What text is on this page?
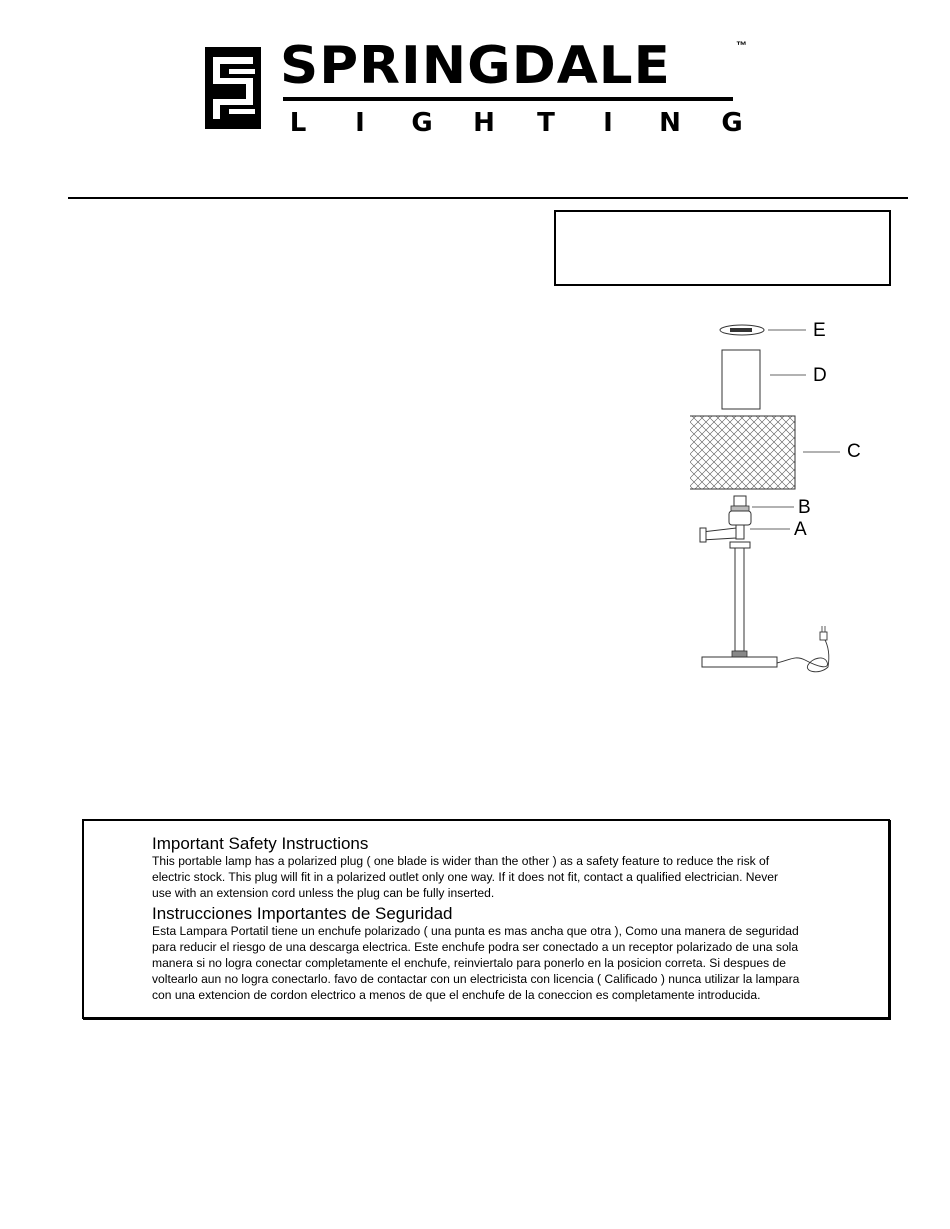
SPRINGDALE	™
L	I	G H T	I	N G
E
D
C
B
A
Important Safety Instructions
This portable lamp has a polarized plug ( one blade is wider than the other ) as a safety feature to reduce the risk of
electric stock. This plug will fit in a polarized outlet only one way. If it does not fit, contact a qualified electrician. Never
use with an extension cord unless the plug can be fully inserted.
Instrucciones Importantes de Seguridad
Esta Lampara Portatil tiene un enchufe polarizado ( una punta es mas ancha que otra ), Como una manera de seguridad
para reducir el riesgo de una descarga electrica. Este enchufe podra ser conectado a un receptor polarizado de una sola
manera si no logra conectar completamente el enchufe, reinviertalo para ponerlo en la posicion correta. Si despues de
voltearlo aun no logra conectarlo. favo de contactar con un electricista con licencia ( Calificado ) nunca utilizar la lampara
con una extencion de cordon electrico a menos de que el enchufe de la coneccion es completamente introducida.
